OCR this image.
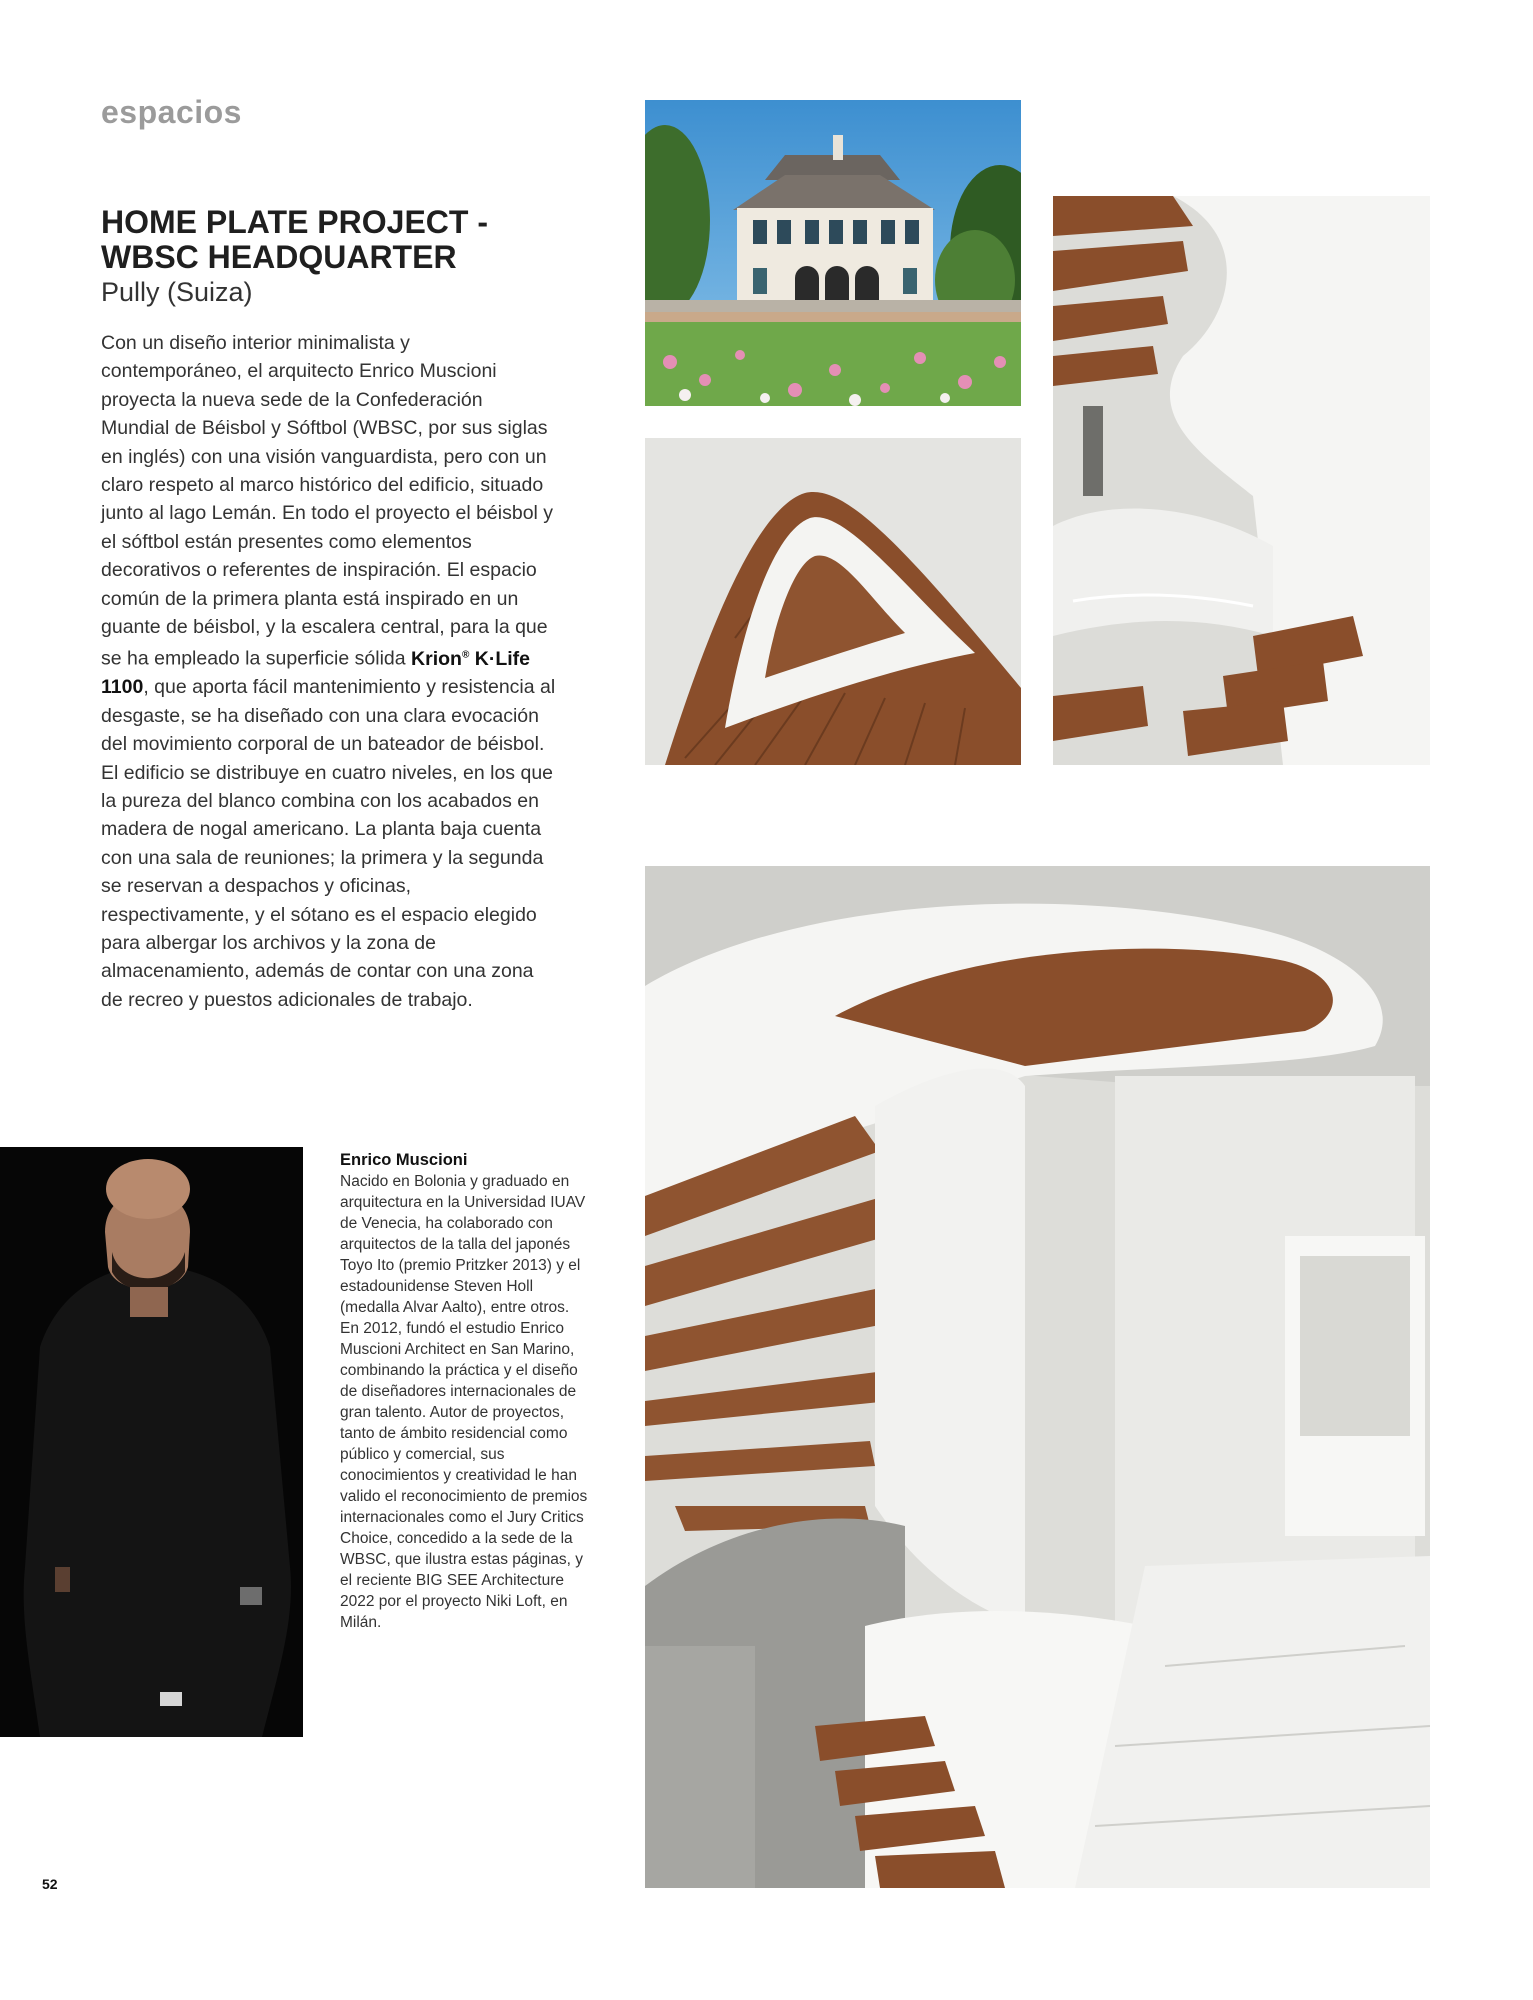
espacios
HOME PLATE PROJECT -
WBSC HEADQUARTER
Pully (Suiza)
Con un diseño interior minimalista y contemporáneo, el arquitecto Enrico Muscioni proyecta la nueva sede de la Confederación Mundial de Béisbol y Sóftbol (WBSC, por sus siglas en inglés) con una visión vanguardista, pero con un claro respeto al marco histórico del edificio, situado junto al lago Lemán. En todo el proyecto el béisbol y el sóftbol están presentes como elementos decorativos o referentes de inspiración. El espacio común de la primera planta está inspirado en un guante de béisbol, y la escalera central, para la que se ha empleado la superficie sólida Krion® K·Life 1100, que aporta fácil mantenimiento y resistencia al desgaste, se ha diseñado con una clara evocación del movimiento corporal de un bateador de béisbol. El edificio se distribuye en cuatro niveles, en los que la pureza del blanco combina con los acabados en madera de nogal americano. La planta baja cuenta con una sala de reuniones; la primera y la segunda se reservan a despachos y oficinas, respectivamente, y el sótano es el espacio elegido para albergar los archivos y la zona de almacenamiento, además de contar con una zona de recreo y puestos adicionales de trabajo.
Enrico Muscioni
Nacido en Bolonia y graduado en arquitectura en la Universidad IUAV de Venecia, ha colaborado con arquitectos de la talla del japonés Toyo Ito (premio Pritzker 2013) y el estadounidense Steven Holl (medalla Alvar Aalto), entre otros. En 2012, fundó el estudio Enrico Muscioni Architect en San Marino, combinando la práctica y el diseño de diseñadores internacionales de gran talento. Autor de proyectos, tanto de ámbito residencial como público y comercial, sus conocimientos y creatividad le han valido el reconocimiento de premios internacionales como el Jury Critics Choice, concedido a la sede de la WBSC, que ilustra estas páginas, y el reciente BIG SEE Architecture 2022 por el proyecto Niki Loft, en Milán.
52
